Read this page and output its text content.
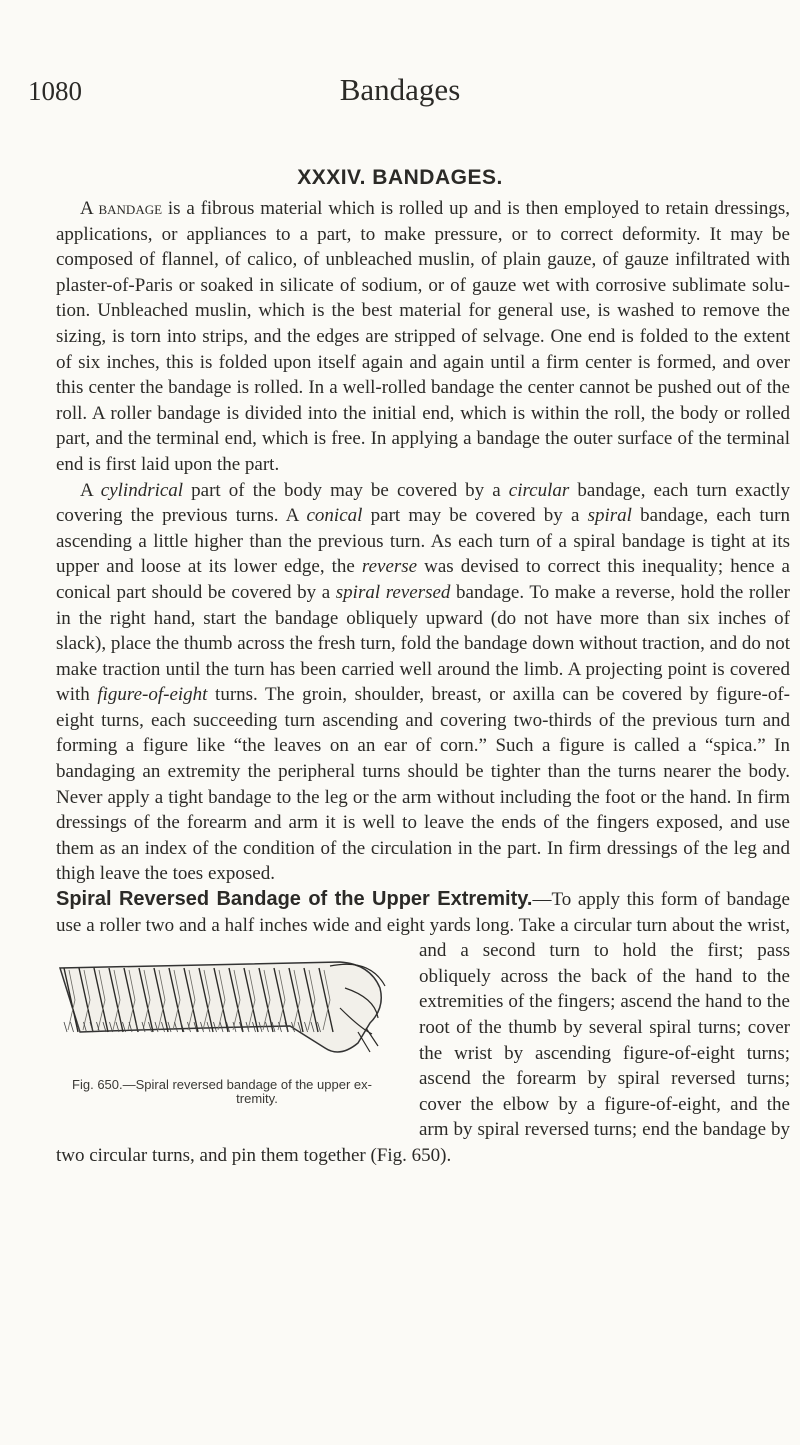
1080	Bandages
XXXIV. BANDAGES.

A bandage is a fibrous material which is rolled up and is then employed to retain dressings, applications, or appliances to a part, to make pressure, or to correct deformity. It may be composed of flannel, of calico, of unbleached muslin, of plain gauze, of gauze infiltrated with plaster-of-Paris or soaked in silicate of sodium, or of gauze wet with corrosive sublimate solution. Unbleached muslin, which is the best material for general use, is washed to remove the sizing, is torn into strips, and the edges are stripped of selvage. One end is folded to the extent of six inches, this is folded upon itself again and again until a firm center is formed, and over this center the bandage is rolled. In a well-rolled bandage the center cannot be pushed out of the roll. A roller bandage is divided into the initial end, which is within the roll, the body or rolled part, and the terminal end, which is free. In applying a bandage the outer surface of the terminal end is first laid upon the part.

A cylindrical part of the body may be covered by a circular bandage, each turn exactly covering the previous turns. A conical part may be covered by a spiral bandage, each turn ascending a little higher than the previous turn. As each turn of a spiral bandage is tight at its upper and loose at its lower edge, the reverse was devised to correct this inequality; hence a conical part should be covered by a spiral reversed bandage. To make a reverse, hold the roller in the right hand, start the bandage obliquely upward (do not have more than six inches of slack), place the thumb across the fresh turn, fold the bandage down without traction, and do not make traction until the turn has been carried well around the limb. A projecting point is covered with figure-of-eight turns. The groin, shoulder, breast, or axilla can be covered by figure-of-eight turns, each succeeding turn ascending and covering two-thirds of the previous turn and forming a figure like “the leaves on an ear of corn.” Such a figure is called a “spica.” In bandaging an extremity the peripheral turns should be tighter than the turns nearer the body. Never apply a tight bandage to the leg or the arm without including the foot or the hand. In firm dressings of the forearm and arm it is well to leave the ends of the fingers exposed, and use them as an index of the condition of the circulation in the part. In firm dressings of the leg and thigh leave the toes exposed.

Spiral Reversed Bandage of the Upper Extremity.—To apply this form of bandage use a roller two and a half inches wide and eight yards
Fig. 650.—Spiral reversed bandage of the upper ex-
tremity.
long. Take a circular turn about the wrist, and a second turn to hold the first; pass obliquely across the back of the hand to the extremities of the fingers; ascend the hand to the root of the thumb by several spiral turns; cover the wrist by ascending figure-of-eight turns; ascend the forearm by spiral reversed turns; cover the elbow by a figure-of-eight, and the arm by spiral reversed turns; end the bandage by two circular turns, and pin them together (Fig. 650).
